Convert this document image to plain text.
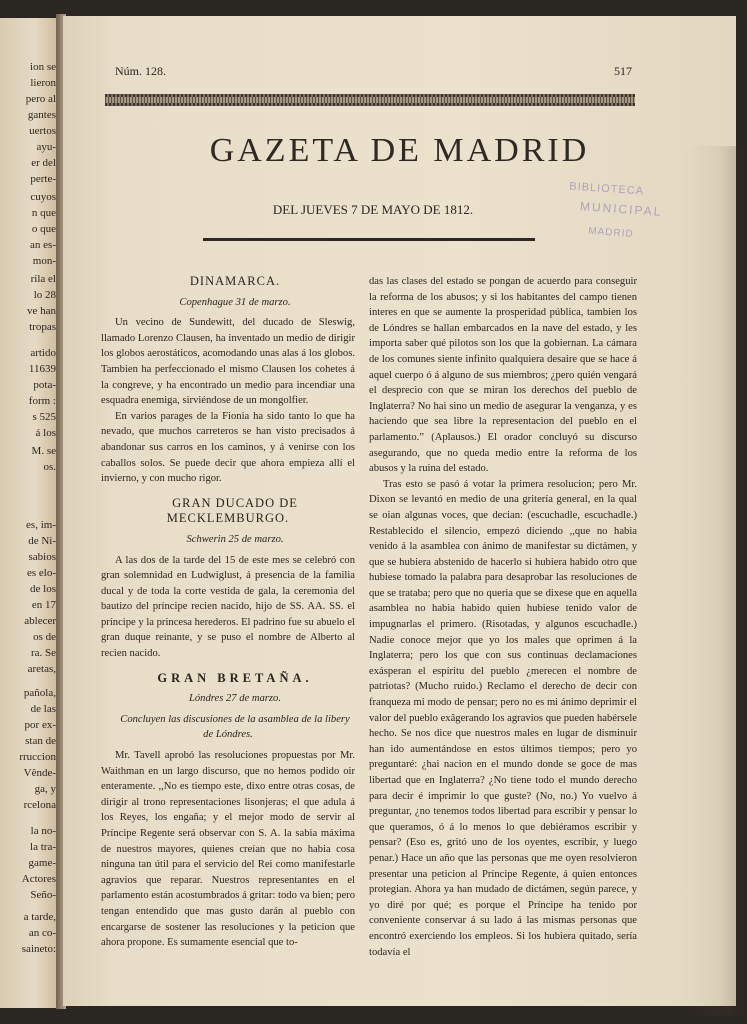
ion se
lieron
pero al
gantes
uertos
ayu-
er del
perte-
cuyos
n que
o que
an es-
mon-
rila el
lo 28
ve han
tropas
artido
11639
pota-
form :
s 525
á los
M. se
os.
es, im-
de Ni-
sabios
es elo-
de los
en 17
ablecer
os de
ra. Se
aretas,
pañola,
de las
por ex-
stan de
rruccion
Vênde-
ga, y
rcelona
la no-
la tra-
game-
Actores
Seño-
a tarde,
an co-
saineto:
Núm. 128.	517
GAZETA DE MADRID
DEL JUEVES 7 DE MAYO DE 1812.
BIBLIOTECA
MUNICIPAL
MADRID

DINAMARCA.

Copenhague 31 de marzo.

Un vecino de Sundewitt, del ducado de Sleswig, llamado Lorenzo Clausen, ha inventado un medio de dirigir los globos aerostáticos, acomodando unas alas á los globos. Tambien ha perfeccionado el mismo Clausen los cohetes á la congreve, y ha encontrado un medio para incendiar una esquadra enemiga, sirviéndose de un mongolfier.

En varios parages de la Fionia ha sido tanto lo que ha nevado, que muchos carreteros se han visto precisados á abandonar sus carros en los caminos, y á venirse con los caballos solos. Se puede decir que ahora empieza allí el invierno, y con mucho rigor.

GRAN DUCADO DE MECKLEMBURGO.

Schwerin 25 de marzo.

A las dos de la tarde del 15 de este mes se celebró con gran solemnidad en Ludwiglust, á presencia de la familia ducal y de toda la corte vestida de gala, la ceremonia del bautizo del príncipe recien nacido, hijo de SS. AA. SS. el príncipe y la princesa herederos. El padrino fue su abuelo el gran duque reinante, y se puso el nombre de Alberto al recien nacido.

GRAN BRETAÑA.

Lóndres 27 de marzo.

Concluyen las discusiones de la asamblea de la libery de Lóndres.

Mr. Tavell aprobó las resoluciones propuestas por Mr. Waithman en un largo discurso, que no hemos podido oir enteramente. ,,No es tiempo este, dixo entre otras cosas, de dirigir al trono representaciones lisonjeras; el que adula á los Reyes, los engaña; y el mejor modo de servir al Príncipe Regente será observar con S. A. la sabia máxima de nuestros mayores, quienes creían que no habia cosa ninguna tan útil para el servicio del Rei como manifestarle agravios que reparar. Nuestros representantes en el parlamento están acostumbrados á gritar: todo va bien; pero tengan entendido que mas gusto darán al pueblo con encargarse de sostener las resoluciones y la peticion que ahora propone. Es sumamente esencial que to-

das las clases del estado se pongan de acuerdo para conseguir la reforma de los abusos; y si los habitantes del campo tienen interes en que se aumente la prosperidad pública, tambien los de Lóndres se hallan embarcados en la nave del estado, y les importa saber qué pilotos son los que la gobiernan. La cámara de los comunes siente infinito qualquiera desaire que se hace á aquel cuerpo ó á alguno de sus miembros; ¿pero quién vengará el desprecio con que se miran los derechos del pueblo de Inglaterra? No hai sino un medio de asegurar la venganza, y es haciendo que sea libre la representacion del pueblo en el parlamento.” (Aplausos.) El orador concluyó su discurso asegurando, que no queda medio entre la reforma de los abusos y la ruina del estado.

Tras esto se pasó á votar la primera resolucion; pero Mr. Dixon se levantó en medio de una gritería general, en la qual se oian algunas voces, que decian: (escuchadle, escuchadle.) Restablecido el silencio, empezó diciendo ,,que no habia venido á la asamblea con ánimo de manifestar su dictámen, y que se hubiera abstenido de hacerlo si hubiera habido otro que hubiese tomado la palabra para desaprobar las resoluciones de que se trataba; pero que no queria que se dixese que en aquella asamblea no habia habido quien hubiese tenido valor de impugnarlas el primero. (Risotadas, y algunos escuchadle.) Nadie conoce mejor que yo los males que oprimen á la Inglaterra; pero los que con sus continuas declamaciones exásperan el espíritu del pueblo ¿merecen el nombre de patriotas? (Mucho ruido.) Reclamo el derecho de decir con franqueza mi modo de pensar; pero no es mi ánimo deprimir el valor del pueblo exâgerando los agravios que pueden habérsele hecho. Se nos dice que nuestros males en lugar de disminuir han ido aumentándose en estos últimos tiempos; pero yo preguntaré: ¿hai nacion en el mundo donde se goce de mas libertad que en Inglaterra? ¿No tiene todo el mundo derecho para decir é imprimir lo que guste? (No, no.) Yo vuelvo á preguntar, ¿no tenemos todos libertad para escribir y pensar lo que queramos, ó á lo menos lo que debiéramos escribir y pensar? (Eso es, gritó uno de los oyentes, escribir, y luego penar.) Hace un año que las personas que me oyen resolvieron presentar una peticion al Príncipe Regente, á quien entonces protegian. Ahora ya han mudado de dictámen, según parece, y yo diré por qué; es porque el Príncipe ha tenido por conveniente conservar á su lado á las mismas personas que encontró exerciendo los empleos. Si los hubiera quitado, sería todavía el
